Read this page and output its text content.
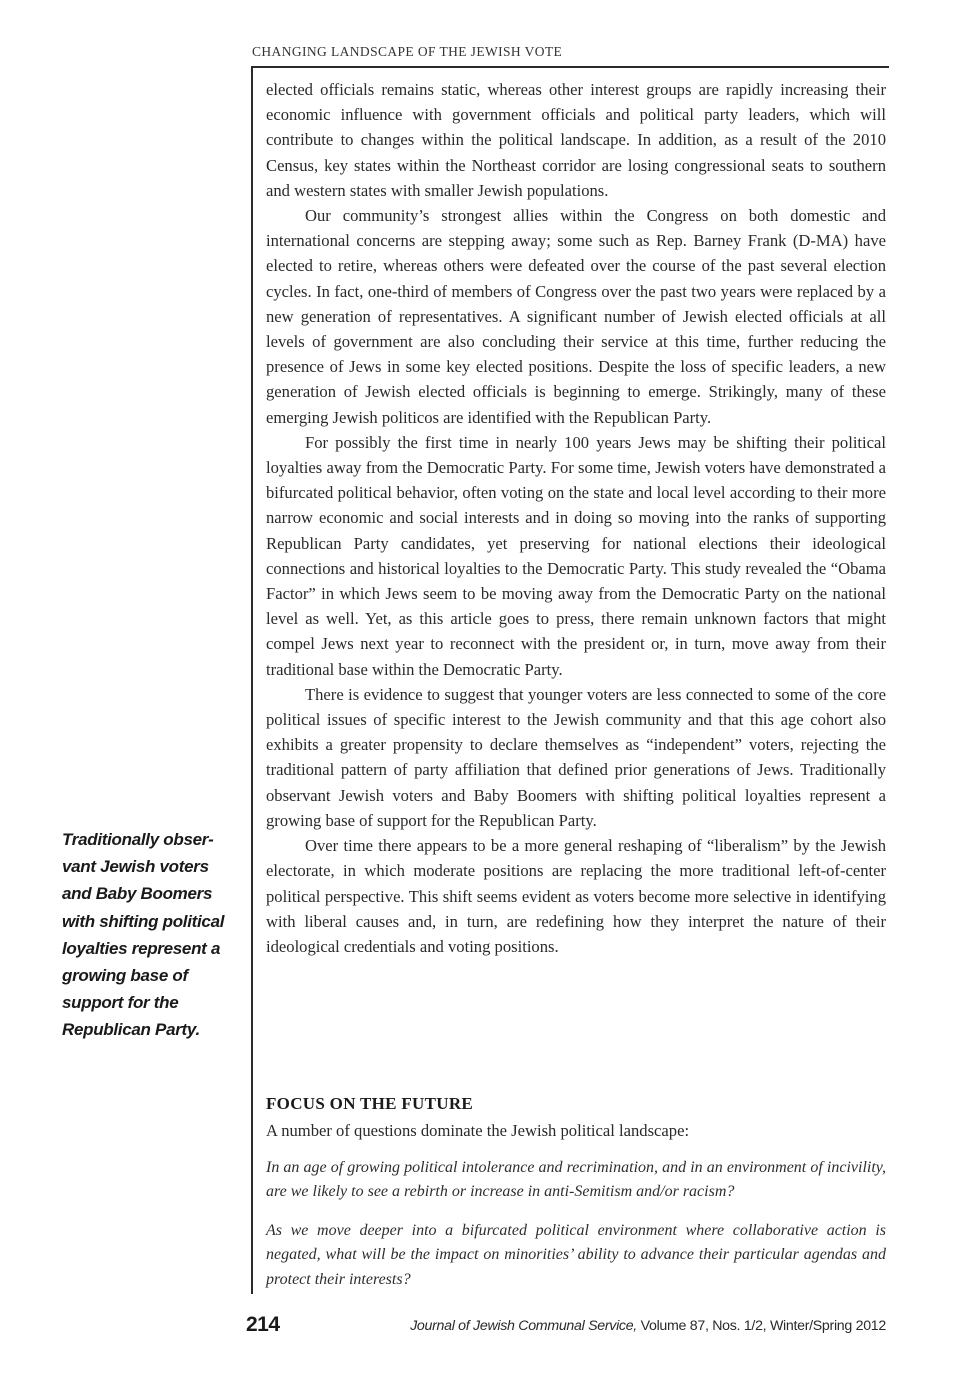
CHANGING LANDSCAPE OF THE JEWISH VOTE

elected officials remains static, whereas other interest groups are rapidly increasing their economic influence with government officials and political party leaders, which will contribute to changes within the political landscape. In addition, as a result of the 2010 Census, key states within the Northeast corridor are losing congressional seats to southern and western states with smaller Jewish populations.

Our community’s strongest allies within the Congress on both domestic and international concerns are stepping away; some such as Rep. Barney Frank (D-MA) have elected to retire, whereas others were defeated over the course of the past several election cycles. In fact, one-third of members of Congress over the past two years were replaced by a new generation of representatives. A significant number of Jewish elected officials at all levels of government are also concluding their service at this time, further reducing the presence of Jews in some key elected positions. Despite the loss of specific leaders, a new generation of Jewish elected officials is beginning to emerge. Strikingly, many of these emerging Jewish politicos are identified with the Republican Party.

For possibly the first time in nearly 100 years Jews may be shifting their political loyalties away from the Democratic Party. For some time, Jewish voters have demonstrated a bifurcated political behavior, often voting on the state and local level according to their more narrow economic and social interests and in doing so moving into the ranks of supporting Republican Party candidates, yet preserving for national elections their ideological connections and historical loyalties to the Democratic Party. This study revealed the “Obama Factor” in which Jews seem to be moving away from the Democratic Party on the national level as well. Yet, as this article goes to press, there remain unknown factors that might compel Jews next year to reconnect with the president or, in turn, move away from their traditional base within the Democratic Party.

There is evidence to suggest that younger voters are less connected to some of the core political issues of specific interest to the Jewish community and that this age cohort also exhibits a greater propensity to declare themselves as “independent” voters, rejecting the traditional pattern of party affiliation that defined prior generations of Jews. Traditionally observant Jewish voters and Baby Boomers with shifting political loyalties represent a growing base of support for the Republican Party.

Over time there appears to be a more general reshaping of “liberalism” by the Jewish electorate, in which moderate positions are replacing the more traditional left-of-center political perspective. This shift seems evident as voters become more selective in identifying with liberal causes and, in turn, are redefining how they interpret the nature of their ideological credentials and voting positions.

Traditionally obser-
vant Jewish voters
and Baby Boomers
with shifting political
loyalties represent a
growing base of
support for the
Republican Party.
FOCUS ON THE FUTURE
A number of questions dominate the Jewish political landscape:
In an age of growing political intolerance and recrimination, and in an environment of incivility, are we likely to see a rebirth or increase in anti-Semitism and/or racism?
As we move deeper into a bifurcated political environment where collaborative action is negated, what will be the impact on minorities’ ability to advance their particular agendas and protect their interests?
214	Journal of Jewish Communal Service, Volume 87, Nos. 1/2, Winter/Spring 2012
